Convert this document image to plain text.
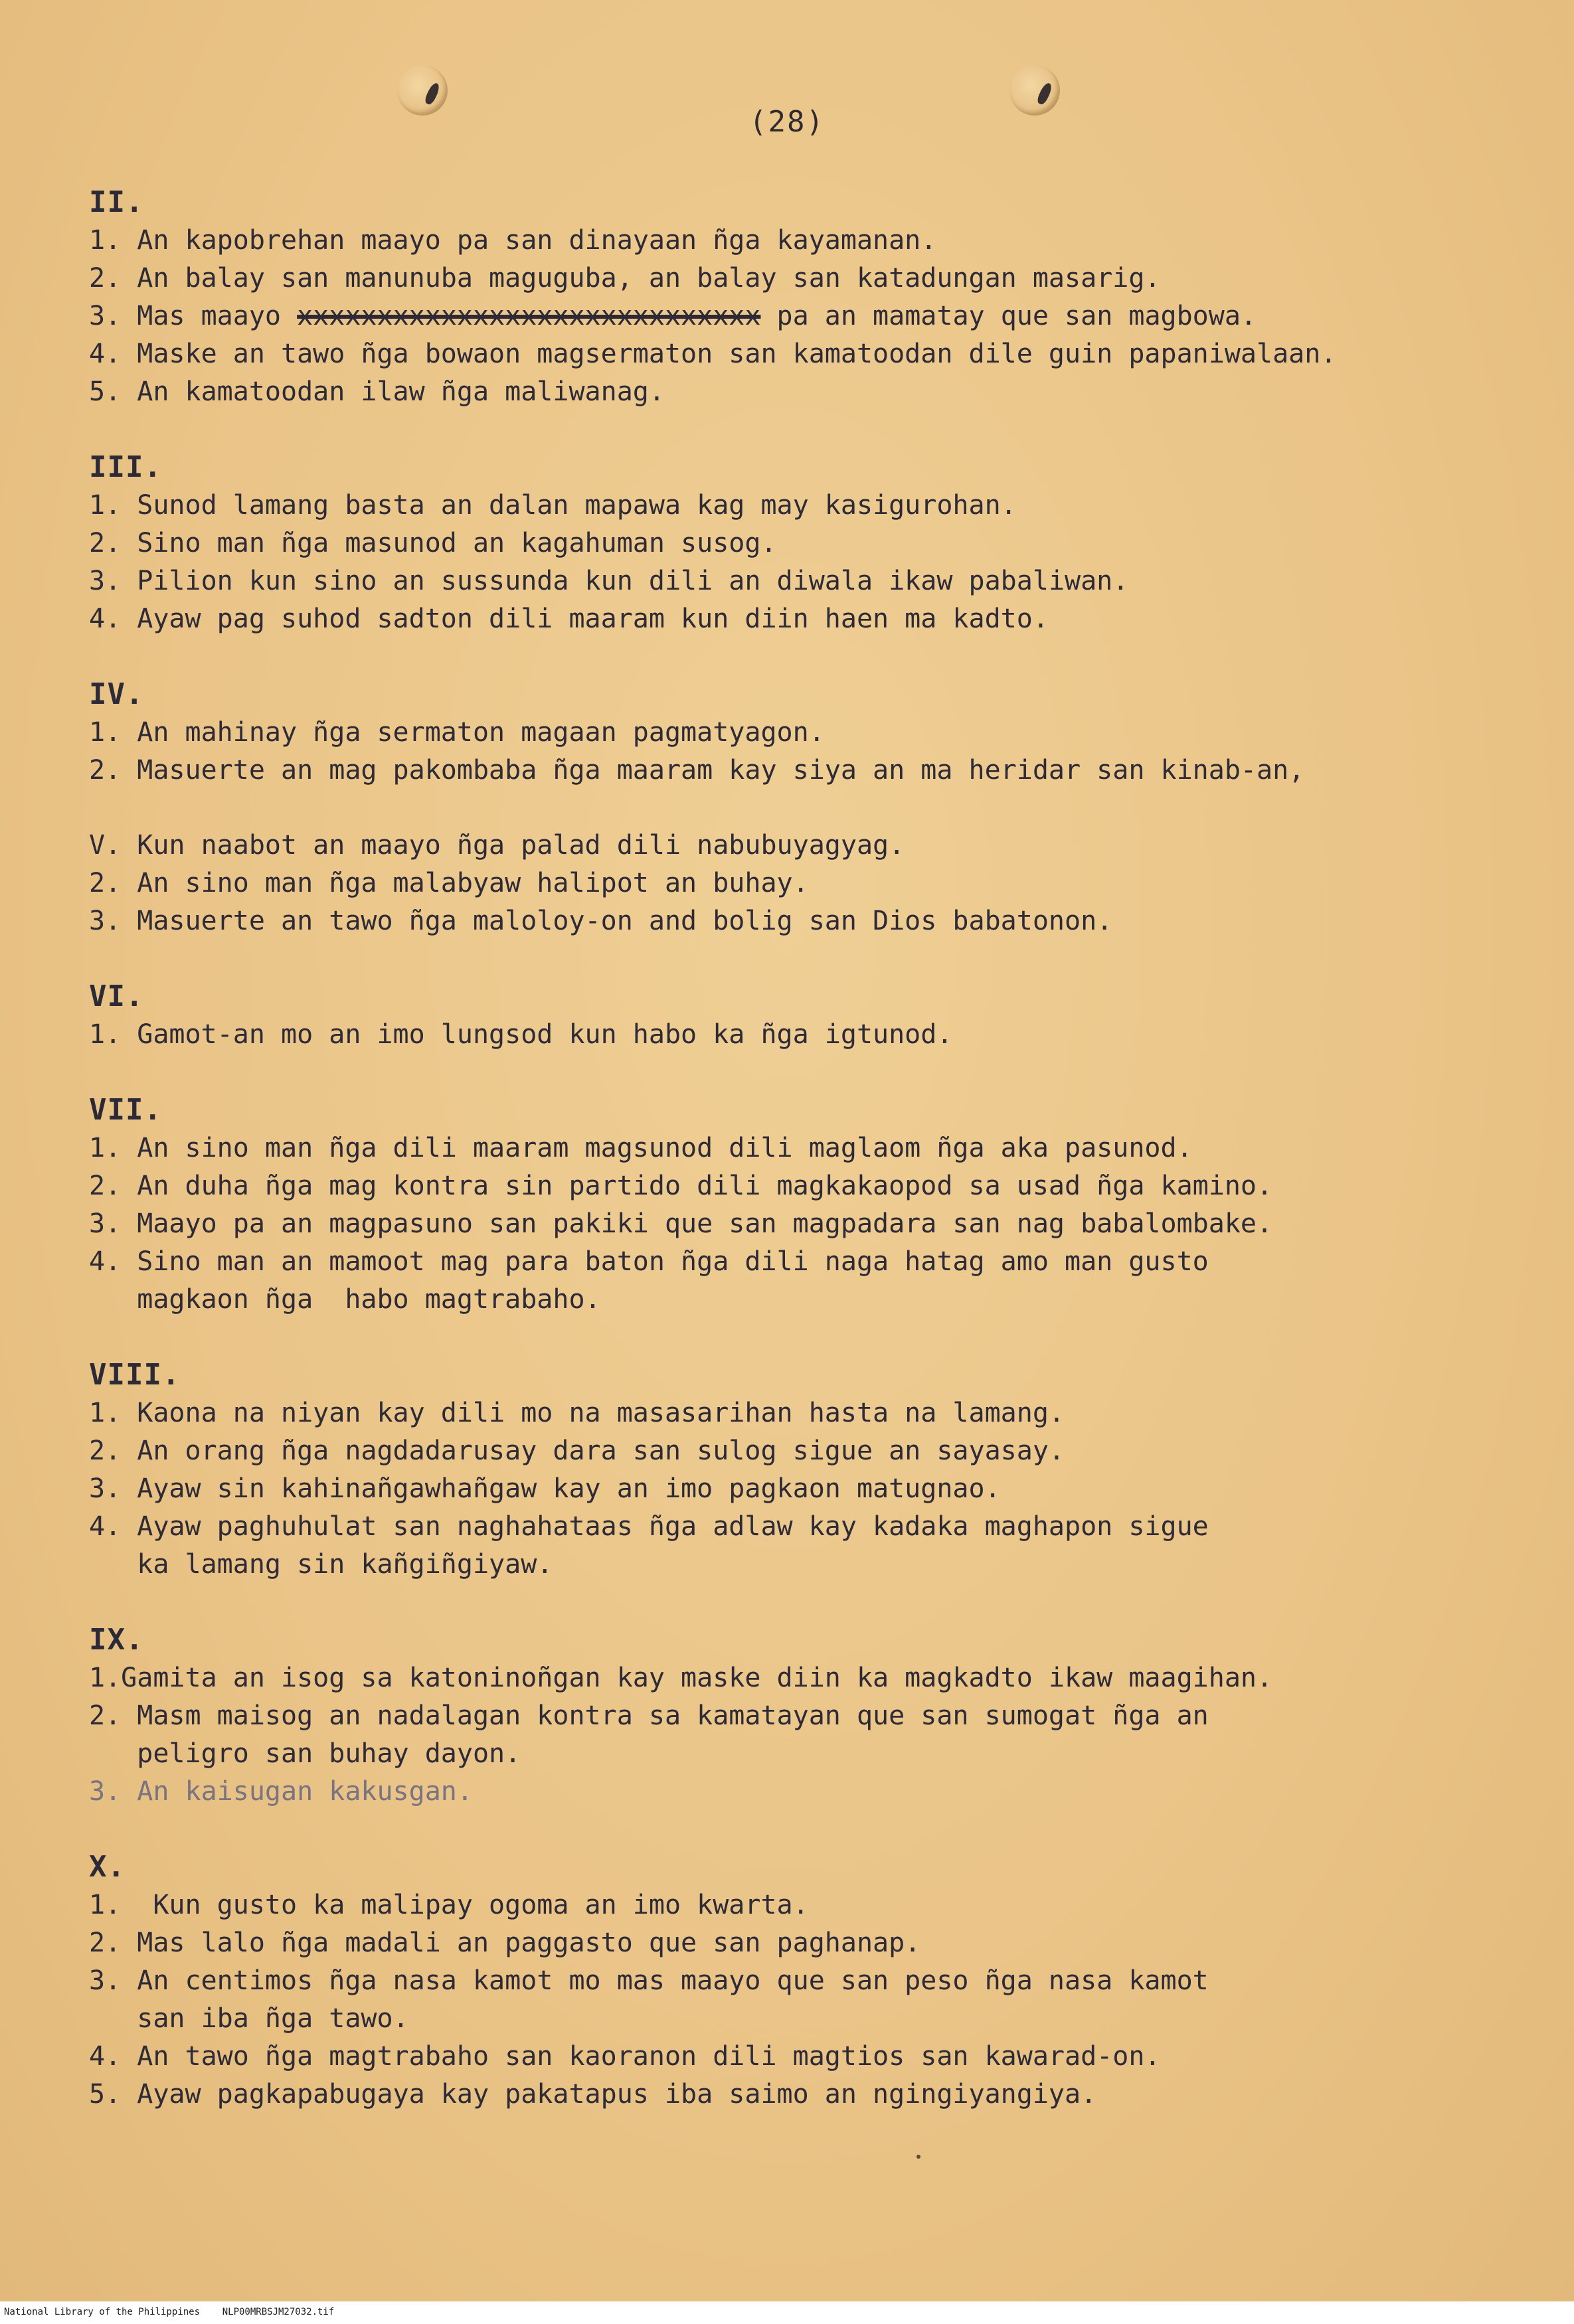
(28)
II.
1. An kapobrehan maayo pa san dinayaan ñga kayamanan.
2. An balay san manunuba maguguba, an balay san katadungan masarig.
3. Mas maayo xxxxxxxxxxxxxxxxxxxxxxxxxxxxx pa an mamatay que san magbowa.
4. Maske an tawo ñga bowaon magsermaton san kamatoodan dile guin papaniwalaan.
5. An kamatoodan ilaw ñga maliwanag.
III.
1. Sunod lamang basta an dalan mapawa kag may kasigurohan.
2. Sino man ñga masunod an kagahuman susog.
3. Pilion kun sino an sussunda kun dili an diwala ikaw pabaliwan.
4. Ayaw pag suhod sadton dili maaram kun diin haen ma kadto.
IV.
1. An mahinay ñga sermaton magaan pagmatyagon.
2. Masuerte an mag pakombaba ñga maaram kay siya an ma heridar san kinab-an,
V. Kun naabot an maayo ñga palad dili nabubuyagyag.
2. An sino man ñga malabyaw halipot an buhay.
3. Masuerte an tawo ñga maloloy-on and bolig san Dios babatonon.
VI.
1. Gamot-an mo an imo lungsod kun habo ka ñga igtunod.
VII.
1. An sino man ñga dili maaram magsunod dili maglaom ñga aka pasunod.
2. An duha ñga mag kontra sin partido dili magkakaopod sa usad ñga kamino.
3. Maayo pa an magpasuno san pakiki que san magpadara san nag babalombake.
4. Sino man an mamoot mag para baton ñga dili naga hatag amo man gusto
magkaon ñga  habo magtrabaho.
VIII.
1. Kaona na niyan kay dili mo na masasarihan hasta na lamang.
2. An orang ñga nagdadarusay dara san sulog sigue an sayasay.
3. Ayaw sin kahinañgawhañgaw kay an imo pagkaon matugnao.
4. Ayaw paghuhulat san naghahataas ñga adlaw kay kadaka maghapon sigue
ka lamang sin kañgiñgiyaw.
IX.
1.Gamita an isog sa katoninoñgan kay maske diin ka magkadto ikaw maagihan.
2. Masm maisog an nadalagan kontra sa kamatayan que san sumogat ñga an
peligro san buhay dayon.
3. An kaisugan kakusgan.
X.
1.  Kun gusto ka malipay ogoma an imo kwarta.
2. Mas lalo ñga madali an paggasto que san paghanap.
3. An centimos ñga nasa kamot mo mas maayo que san peso ñga nasa kamot
san iba ñga tawo.
4. An tawo ñga magtrabaho san kaoranon dili magtios san kawarad-on.
5. Ayaw pagkapabugaya kay pakatapus iba saimo an ngingiyangiya.
National Library of the Philippines    NLP00MRBSJM27032.tif
